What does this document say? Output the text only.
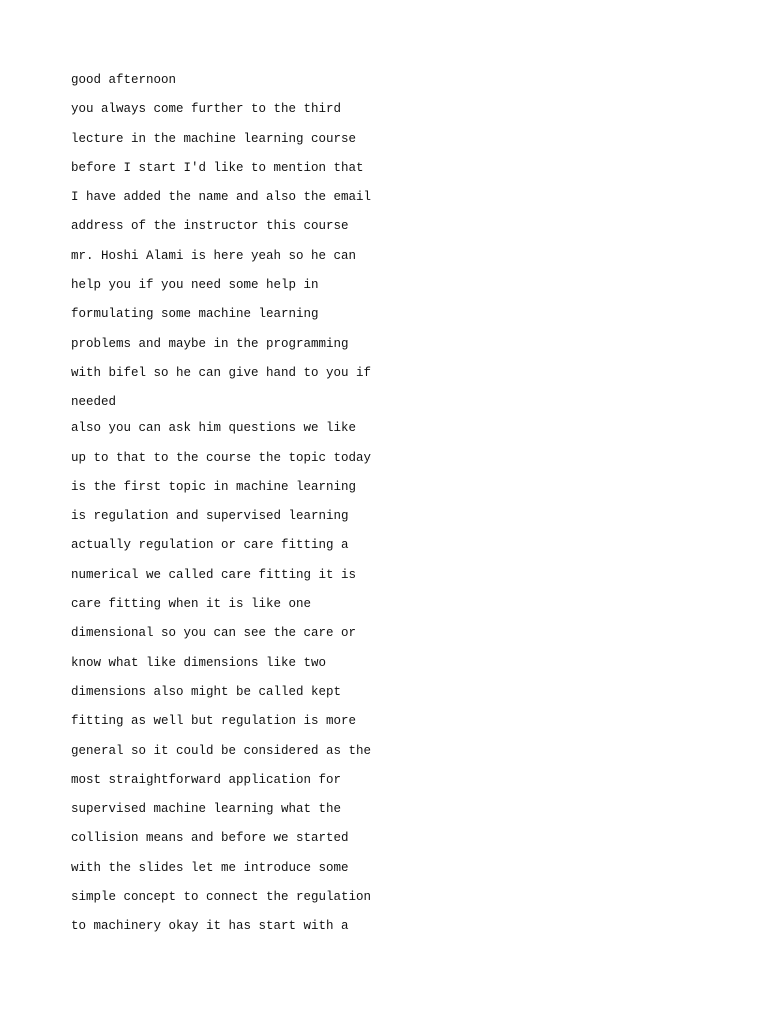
good afternoon
you always come further to the third
lecture in the machine learning course
before I start I'd like to mention that
I have added the name and also the email
address of the instructor this course
mr. Hoshi Alami is here yeah so he can
help you if you need some help in
formulating some machine learning
problems and maybe in the programming
with bifel so he can give hand to you if
needed
also you can ask him questions we like
up to that to the course the topic today
is the first topic in machine learning
is regulation and supervised learning
actually regulation or care fitting a
numerical we called care fitting it is
care fitting when it is like one
dimensional so you can see the care or
know what like dimensions like two
dimensions also might be called kept
fitting as well but regulation is more
general so it could be considered as the
most straightforward application for
supervised machine learning what the
collision means and before we started
with the slides let me introduce some
simple concept to connect the regulation
to machinery okay it has start with a
